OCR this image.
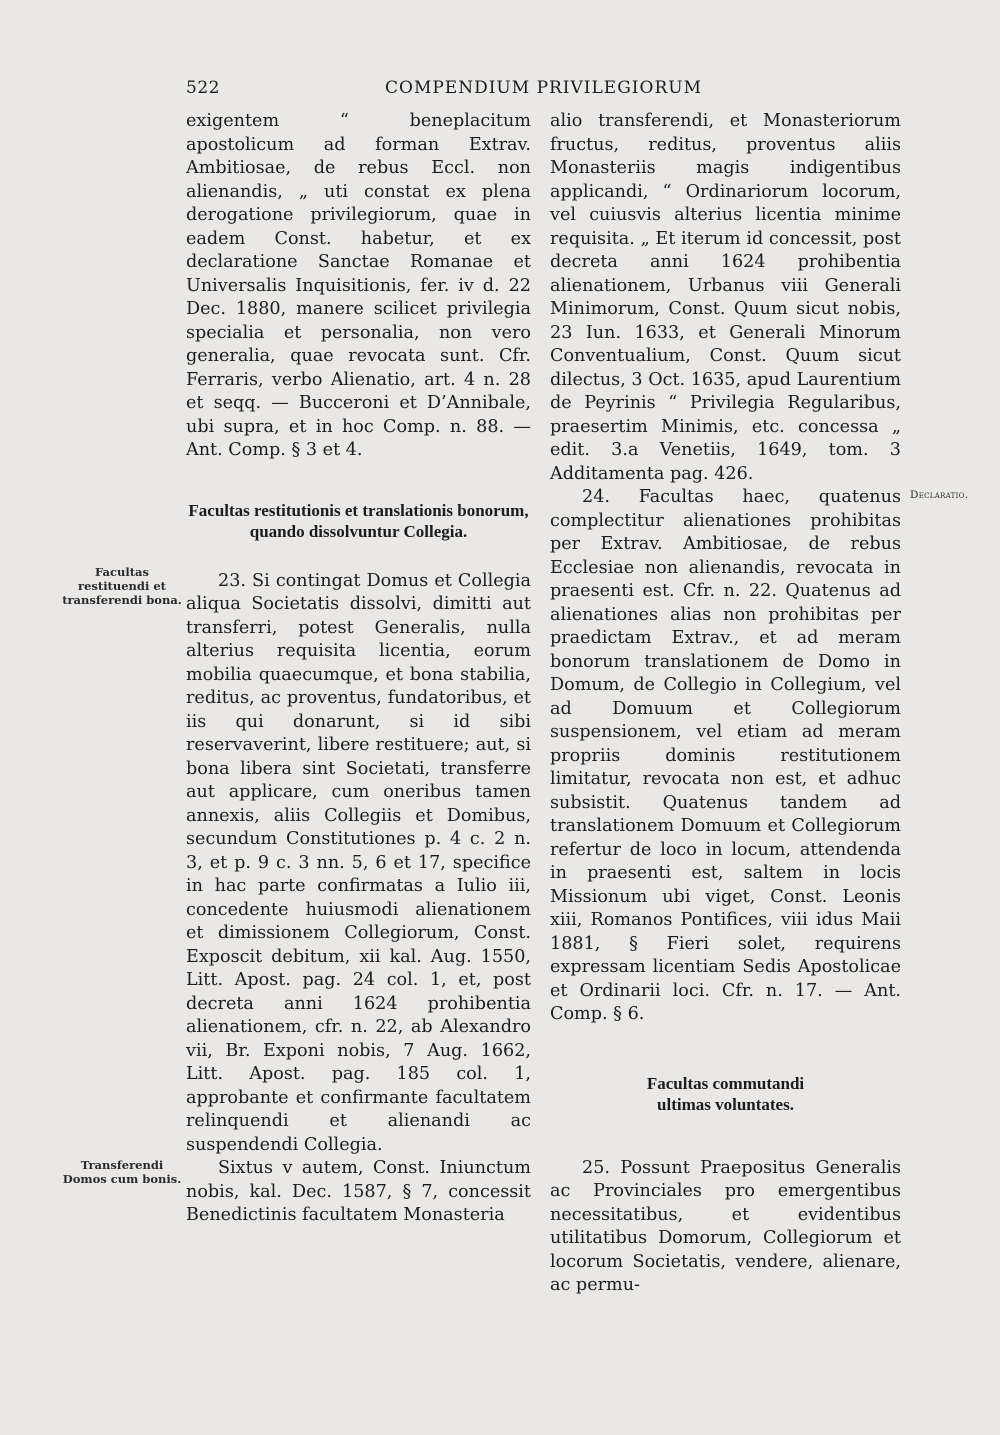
522	COMPENDIUM PRIVILEGIORUM
Facultas restituendi et transferendi bona.
Transferendi Domos cum bonis.
Declaratio.

exigentem “ beneplacitum apostolicum ad forman Extrav. Ambitiosae, de rebus Eccl. non alienandis, „ uti constat ex plena derogatione privilegiorum, quae in eadem Const. habetur, et ex declaratione Sanctae Romanae et Universalis Inquisitionis, fer. iv d. 22 Dec. 1880, manere scilicet privilegia specialia et personalia, non vero generalia, quae revocata sunt. Cfr. Ferraris, verbo Alienatio, art. 4 n. 28 et seqq. — Bucceroni et D’Annibale, ubi supra, et in hoc Comp. n. 88. — Ant. Comp. § 3 et 4.

Facultas restitutionis et translationis bonorum, quando dissolvuntur Collegia.

23. Si contingat Domus et Collegia aliqua Societatis dissolvi, dimitti aut transferri, potest Generalis, nulla alterius requisita licentia, eorum mobilia quaecumque, et bona stabilia, reditus, ac proventus, fundatoribus, et iis qui donarunt, si id sibi reservaverint, libere restituere; aut, si bona libera sint Societati, transferre aut applicare, cum oneribus tamen annexis, aliis Collegiis et Domibus, secundum Constitutiones p. 4 c. 2 n. 3, et p. 9 c. 3 nn. 5, 6 et 17, specifice in hac parte confirmatas a Iulio iii, concedente huiusmodi alienationem et dimissionem Collegiorum, Const. Exposcit debitum, xii kal. Aug. 1550, Litt. Apost. pag. 24 col. 1, et, post decreta anni 1624 prohibentia alienationem, cfr. n. 22, ab Alexandro vii, Br. Exponi nobis, 7 Aug. 1662, Litt. Apost. pag. 185 col. 1, approbante et confirmante facultatem relinquendi et alienandi ac suspendendi Collegia.

Sixtus v autem, Const. Iniunctum nobis, kal. Dec. 1587, § 7, concessit Benedictinis facultatem Monasteria

alio transferendi, et Monasteriorum fructus, reditus, proventus aliis Monasteriis magis indigentibus applicandi, “ Ordinariorum locorum, vel cuiusvis alterius licentia minime requisita. „ Et iterum id concessit, post decreta anni 1624 prohibentia alienationem, Urbanus viii Generali Minimorum, Const. Quum sicut nobis, 23 Iun. 1633, et Generali Minorum Conventualium, Const. Quum sicut dilectus, 3 Oct. 1635, apud Laurentium de Peyrinis “ Privilegia Regularibus, praesertim Minimis, etc. concessa „ edit. 3.a Venetiis, 1649, tom. 3 Additamenta pag. 426.

24. Facultas haec, quatenus complectitur alienationes prohibitas per Extrav. Ambitiosae, de rebus Ecclesiae non alienandis, revocata in praesenti est. Cfr. n. 22. Quatenus ad alienationes alias non prohibitas per praedictam Extrav., et ad meram bonorum translationem de Domo in Domum, de Collegio in Collegium, vel ad Domuum et Collegiorum suspensionem, vel etiam ad meram propriis dominis restitutionem limitatur, revocata non est, et adhuc subsistit. Quatenus tandem ad translationem Domuum et Collegiorum refertur de loco in locum, attendenda in praesenti est, saltem in locis Missionum ubi viget, Const. Leonis xiii, Romanos Pontifices, viii idus Maii 1881, § Fieri solet, requirens expressam licentiam Sedis Apostolicae et Ordinarii loci. Cfr. n. 17. — Ant. Comp. § 6.

Facultas commutandi
ultimas voluntates.

25. Possunt Praepositus Generalis ac Provinciales pro emergentibus necessitatibus, et evidentibus utilitatibus Domorum, Collegiorum et locorum Societatis, vendere, alienare, ac permu-
